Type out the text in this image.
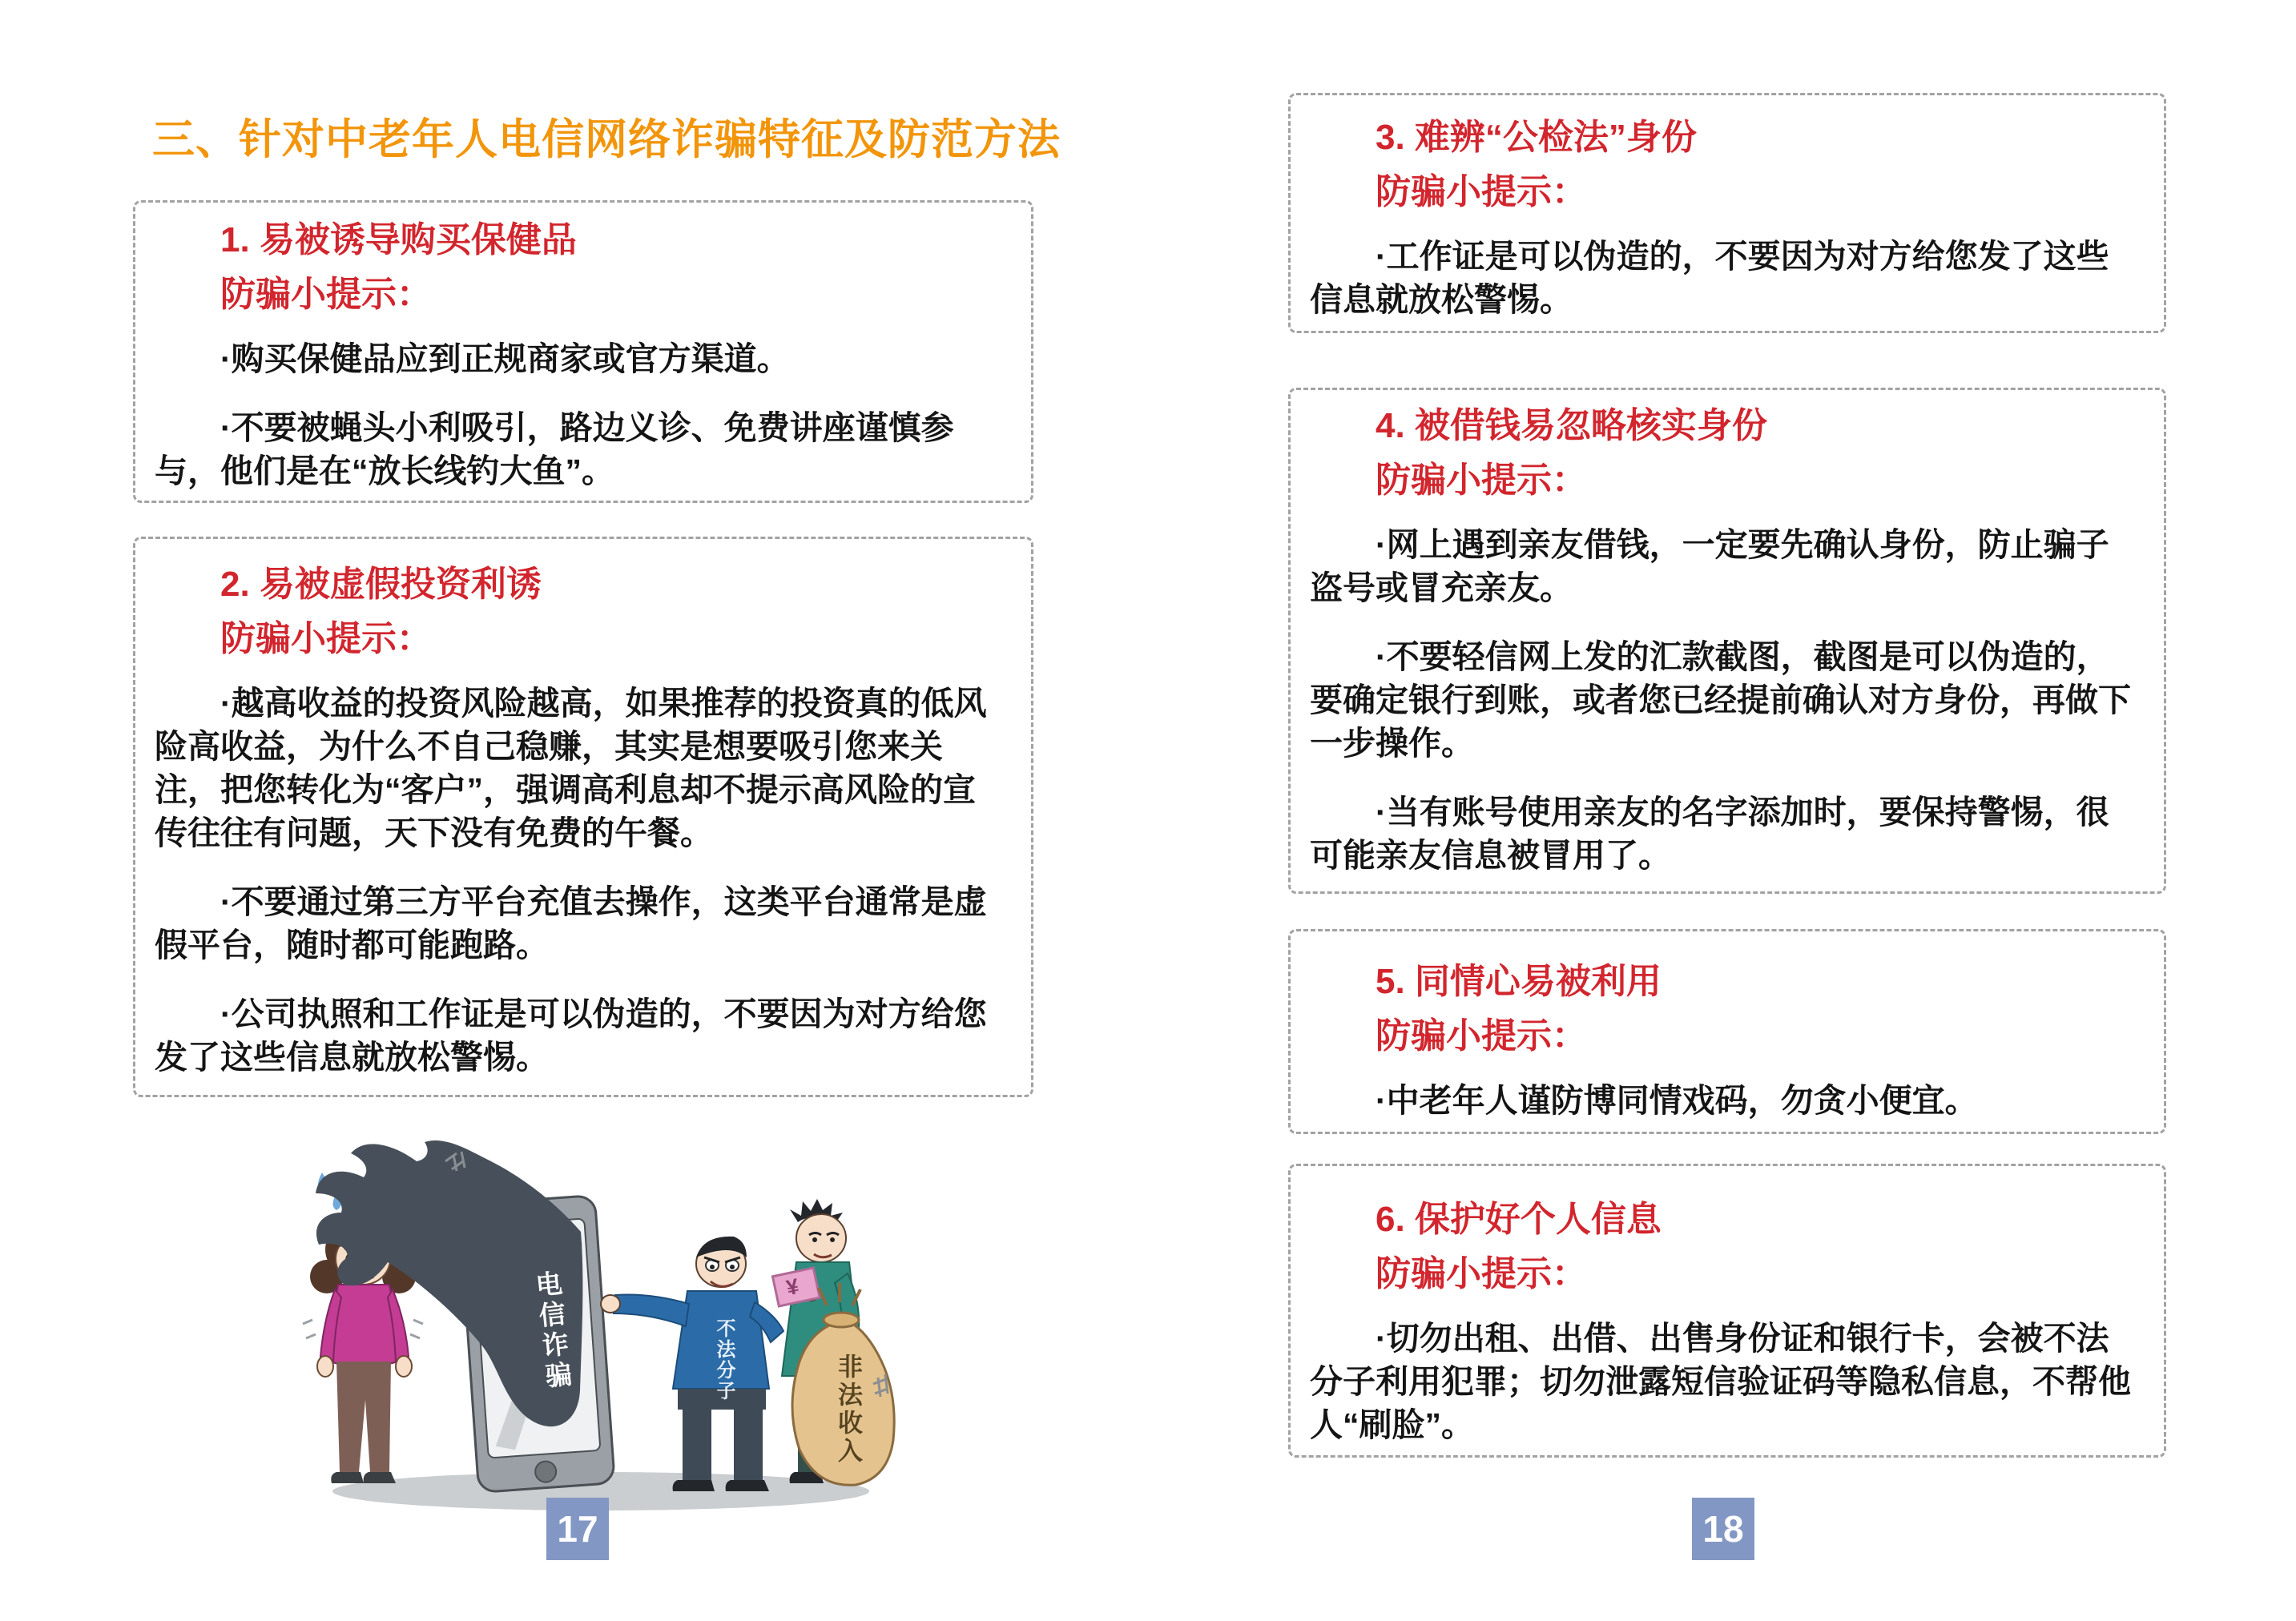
三、针对中老年人电信网络诈骗特征及防范方法
1. 易被诱导购买保健品

防骗小提示：

·购买保健品应到正规商家或官方渠道。

·不要被蝇头小利吸引，路边义诊、免费讲座谨慎参与，他们是在“放长线钓大鱼”。

2. 易被虚假投资利诱

防骗小提示：

·越高收益的投资风险越高，如果推荐的投资真的低风险高收益，为什么不自己稳赚，其实是想要吸引您来关注，把您转化为“客户”，强调高利息却不提示高风险的宣传往往有问题，天下没有免费的午餐。

·不要通过第三方平台充值去操作，这类平台通常是虚假平台，随时都可能跑路。

·公司执照和工作证是可以伪造的，不要因为对方给您发了这些信息就放松警惕。

3. 难辨“公检法”身份

防骗小提示：

·工作证是可以伪造的，不要因为对方给您发了这些信息就放松警惕。

4. 被借钱易忽略核实身份

防骗小提示：

·网上遇到亲友借钱，一定要先确认身份，防止骗子盗号或冒充亲友。

·不要轻信网上发的汇款截图，截图是可以伪造的，要确定银行到账，或者您已经提前确认对方身份，再做下一步操作。

·当有账号使用亲友的名字添加时，要保持警惕，很可能亲友信息被冒用了。

5. 同情心易被利用

防骗小提示：

·中老年人谨防博同情戏码，勿贪小便宜。

6. 保护好个人信息

防骗小提示：

·切勿出租、出借、出售身份证和银行卡，会被不法分子利用犯罪；切勿泄露短信验证码等隐私信息，不帮他人“刷脸”。

电信诈骗	不法分子	非法收入
¥
17	18
